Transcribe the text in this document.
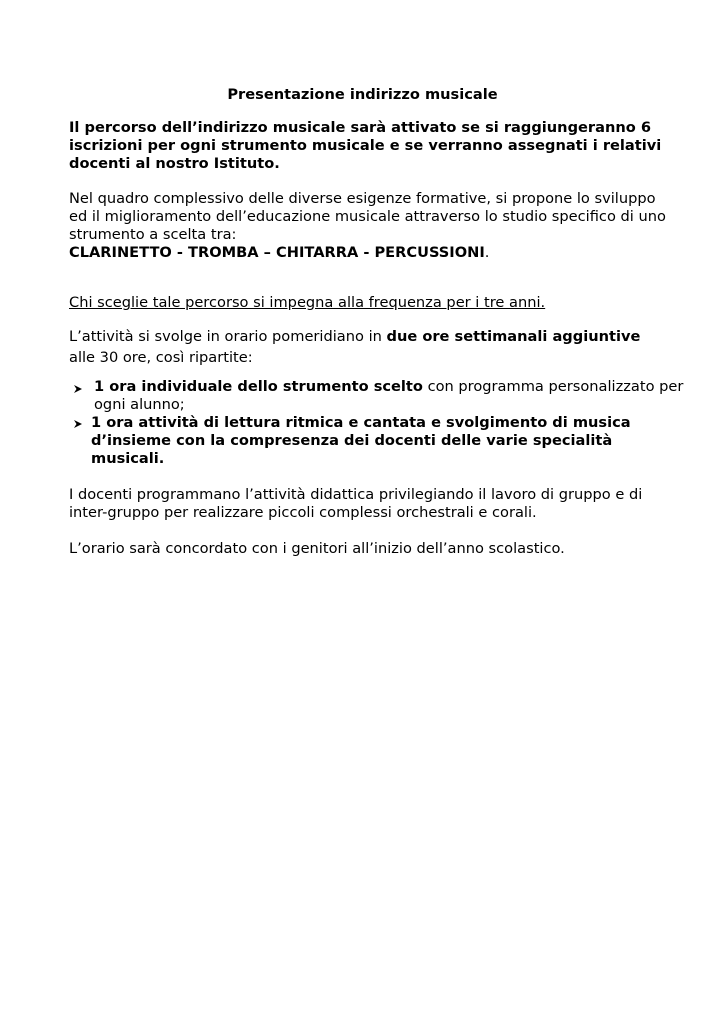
Presentazione indirizzo musicale

Il percorso dell’indirizzo musicale sarà attivato se si raggiungeranno 6 iscrizioni per ogni strumento musicale e se verranno assegnati i relativi docenti al nostro Istituto.

Nel quadro complessivo delle diverse esigenze formative, si propone lo sviluppo ed il miglioramento dell’educazione musicale attraverso lo studio specifico di uno strumento a scelta tra:
CLARINETTO - TROMBA – CHITARRA - PERCUSSIONI.

Chi sceglie tale percorso si impegna alla frequenza per i tre anni.

L’attività si svolge in orario pomeridiano in due ore settimanali aggiuntive
alle 30 ore, così ripartite:

1 ora individuale dello strumento scelto con programma personalizzato per ogni alunno;
1 ora attività di lettura ritmica e cantata e svolgimento di musica d’insieme con la compresenza dei docenti delle varie specialità musicali.

I docenti programmano l’attività didattica privilegiando il lavoro di gruppo e di inter-gruppo per realizzare piccoli complessi orchestrali e corali.

L’orario sarà concordato con i genitori all’inizio dell’anno scolastico.
